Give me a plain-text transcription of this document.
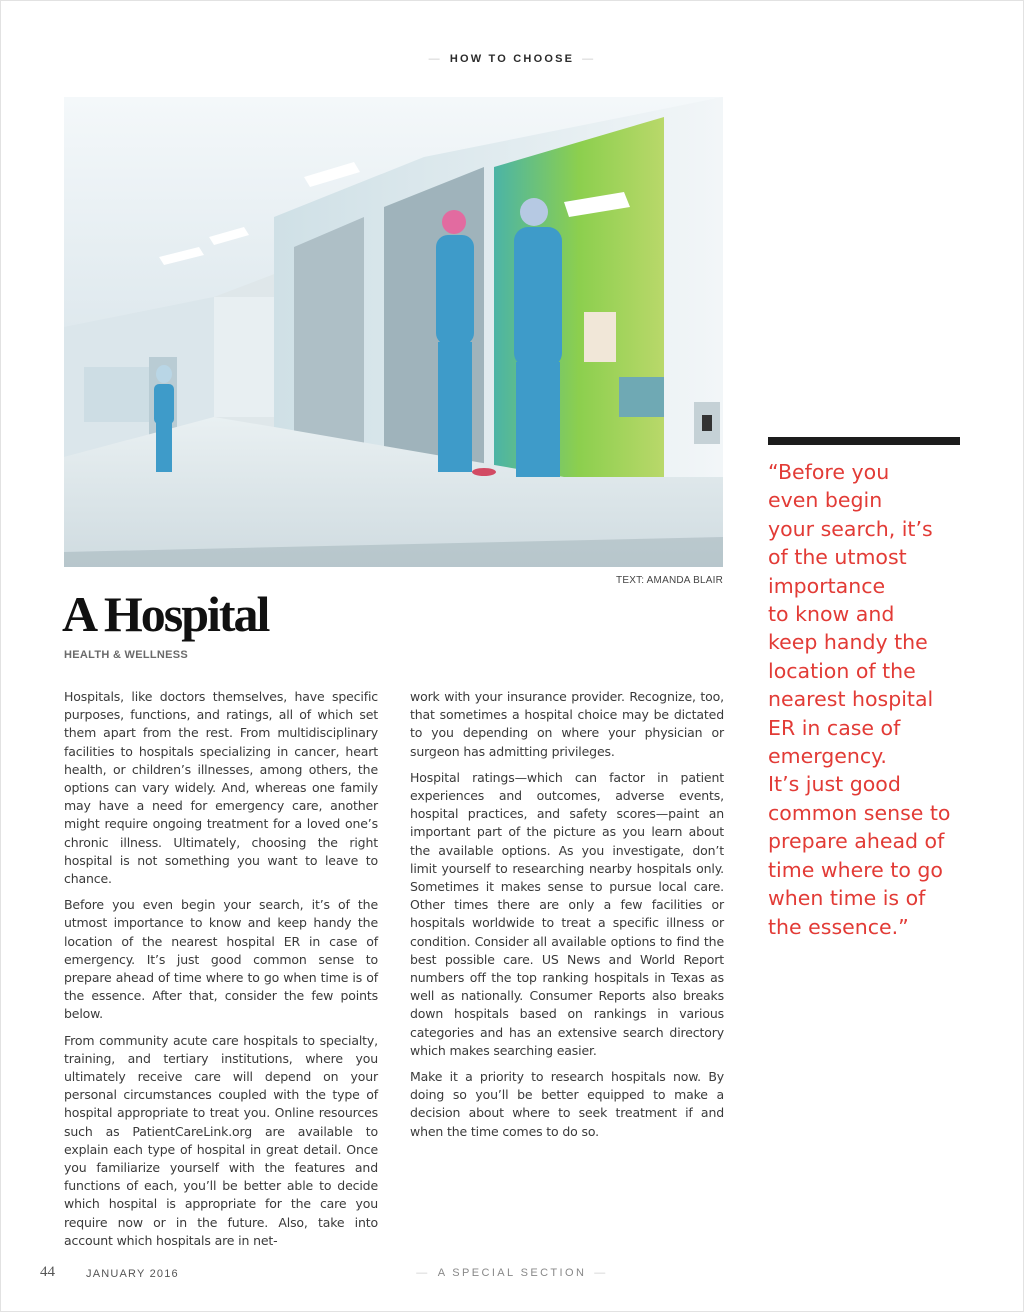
— HOW TO CHOOSE —
TEXT: AMANDA BLAIR
A Hospital
HEALTH & WELLNESS

Hospitals, like doctors themselves, have specific purposes, functions, and ratings, all of which set them apart from the rest. From multidisciplinary facilities to hospitals specializing in cancer, heart health, or children’s illnesses, among others, the options can vary widely. And, whereas one family may have a need for emergency care, another might require ongoing treatment for a loved one’s chronic illness. Ultimately, choosing the right hospital is not something you want to leave to chance.

Before you even begin your search, it’s of the utmost importance to know and keep handy the location of the nearest hospital ER in case of emergency. It’s just good common sense to prepare ahead of time where to go when time is of the essence. After that, consider the few points below.

From community acute care hospitals to specialty, training, and tertiary institutions, where you ultimately receive care will depend on your personal circumstances coupled with the type of hospital appropriate to treat you. Online resources such as PatientCareLink.org are available to explain each type of hospital in great detail. Once you familiarize yourself with the features and functions of each, you’ll be better able to decide which hospital is appropriate for the care you require now or in the future. Also, take into account which hospitals are in net-

work with your insurance provider. Recognize, too, that sometimes a hospital choice may be dictated to you depending on where your physician or surgeon has admitting privileges.

Hospital ratings—which can factor in patient experiences and outcomes, adverse events, hospital practices, and safety scores—paint an important part of the picture as you learn about the available options. As you investigate, don’t limit yourself to researching nearby hospitals only. Sometimes it makes sense to pursue local care. Other times there are only a few facilities or hospitals worldwide to treat a specific illness or condition. Consider all available options to find the best possible care. US News and World Report numbers off the top ranking hospitals in Texas as well as nationally. Consumer Reports also breaks down hospitals based on rankings in various categories and has an extensive search directory which makes searching easier.

Make it a priority to research hospitals now. By doing so you’ll be better equipped to make a decision about where to seek treatment if and when the time comes to do so.

“Before you
even begin
your search, it’s
of the utmost
importance
to know and
keep handy the
location of the
nearest hospital
ER in case of
emergency.
It’s just good
common sense to
prepare ahead of
time where to go
when time is of
the essence.”
44	JANUARY 2016	— A SPECIAL SECTION —
